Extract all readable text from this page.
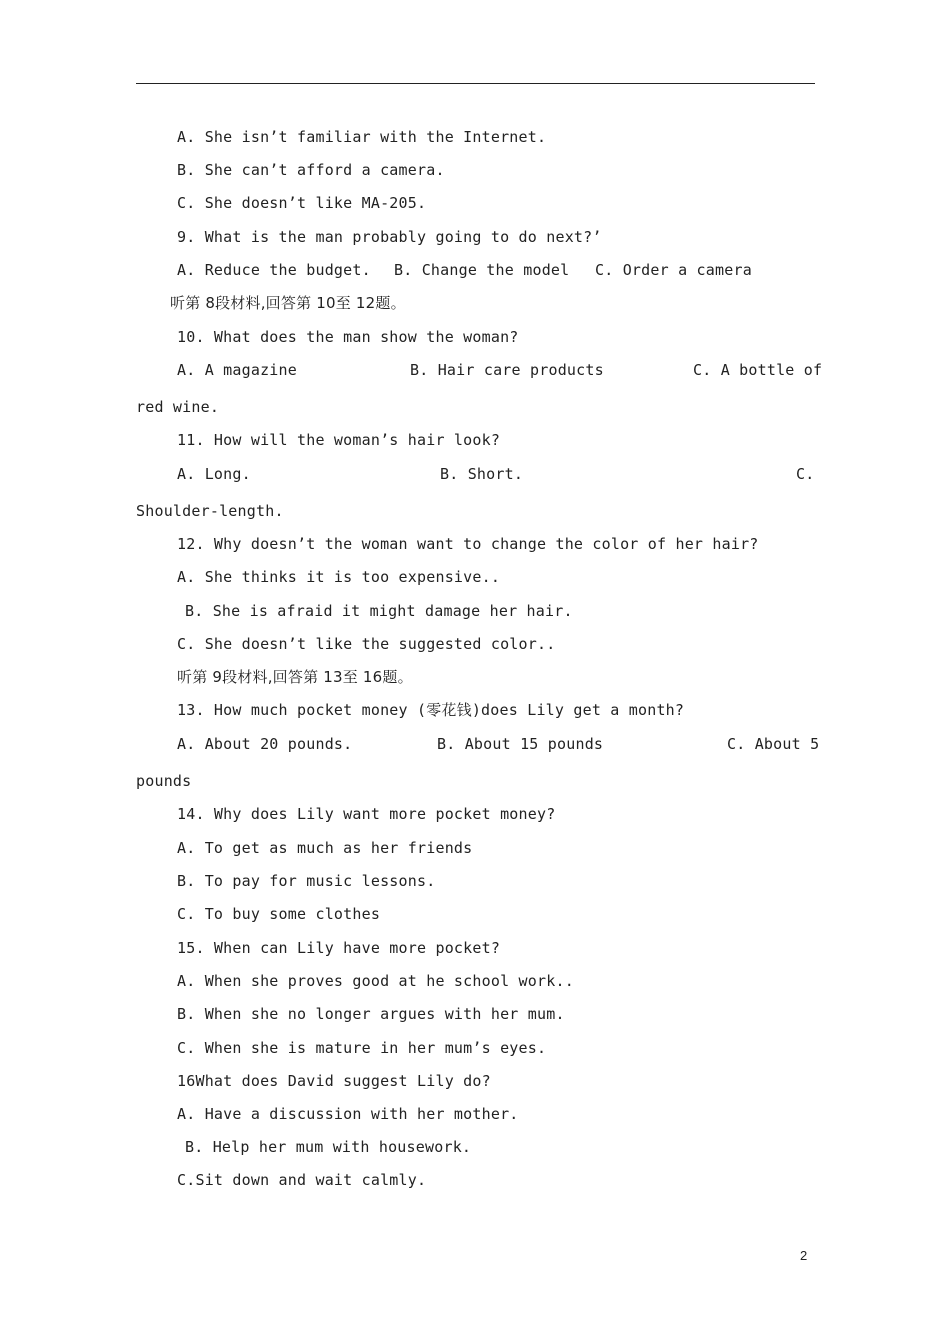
A. She isn’t familiar with the Internet.
B. She can’t afford a camera.
C. She doesn’t like MA-205.
9. What is the man probably going to do next?’
A. Reduce the budget. B. Change the model C. Order a camera
听第 8段材料,回答第 10至 12题。
10. What does the man show the woman?
A. A magazine	B. Hair care products	C. A bottle of
red wine.
11. How will the woman’s hair look?
A. Long.	B. Short.	C.
Shoulder-length.
12. Why doesn’t the woman want to change the color of her hair?
A. She thinks it is too expensive..
B. She is afraid it might damage her hair.
C. She doesn’t like the suggested color..
听第 9段材料,回答第 13至 16题。
13. How much pocket money (零花钱)does Lily get a month?
A. About 20 pounds.	B. About 15 pounds	C. About 5
pounds
14. Why does Lily want more pocket money?
A. To get as much as her friends
B. To pay for music lessons.
C. To buy some clothes
15. When can Lily have more pocket?
A. When she proves good at he school work..
B. When she no longer argues with her mum.
C. When she is mature in her mum’s eyes.
16What does David suggest Lily do?
A. Have a discussion with her mother.
B. Help her mum with housework.
C.Sit down and wait calmly.
2
